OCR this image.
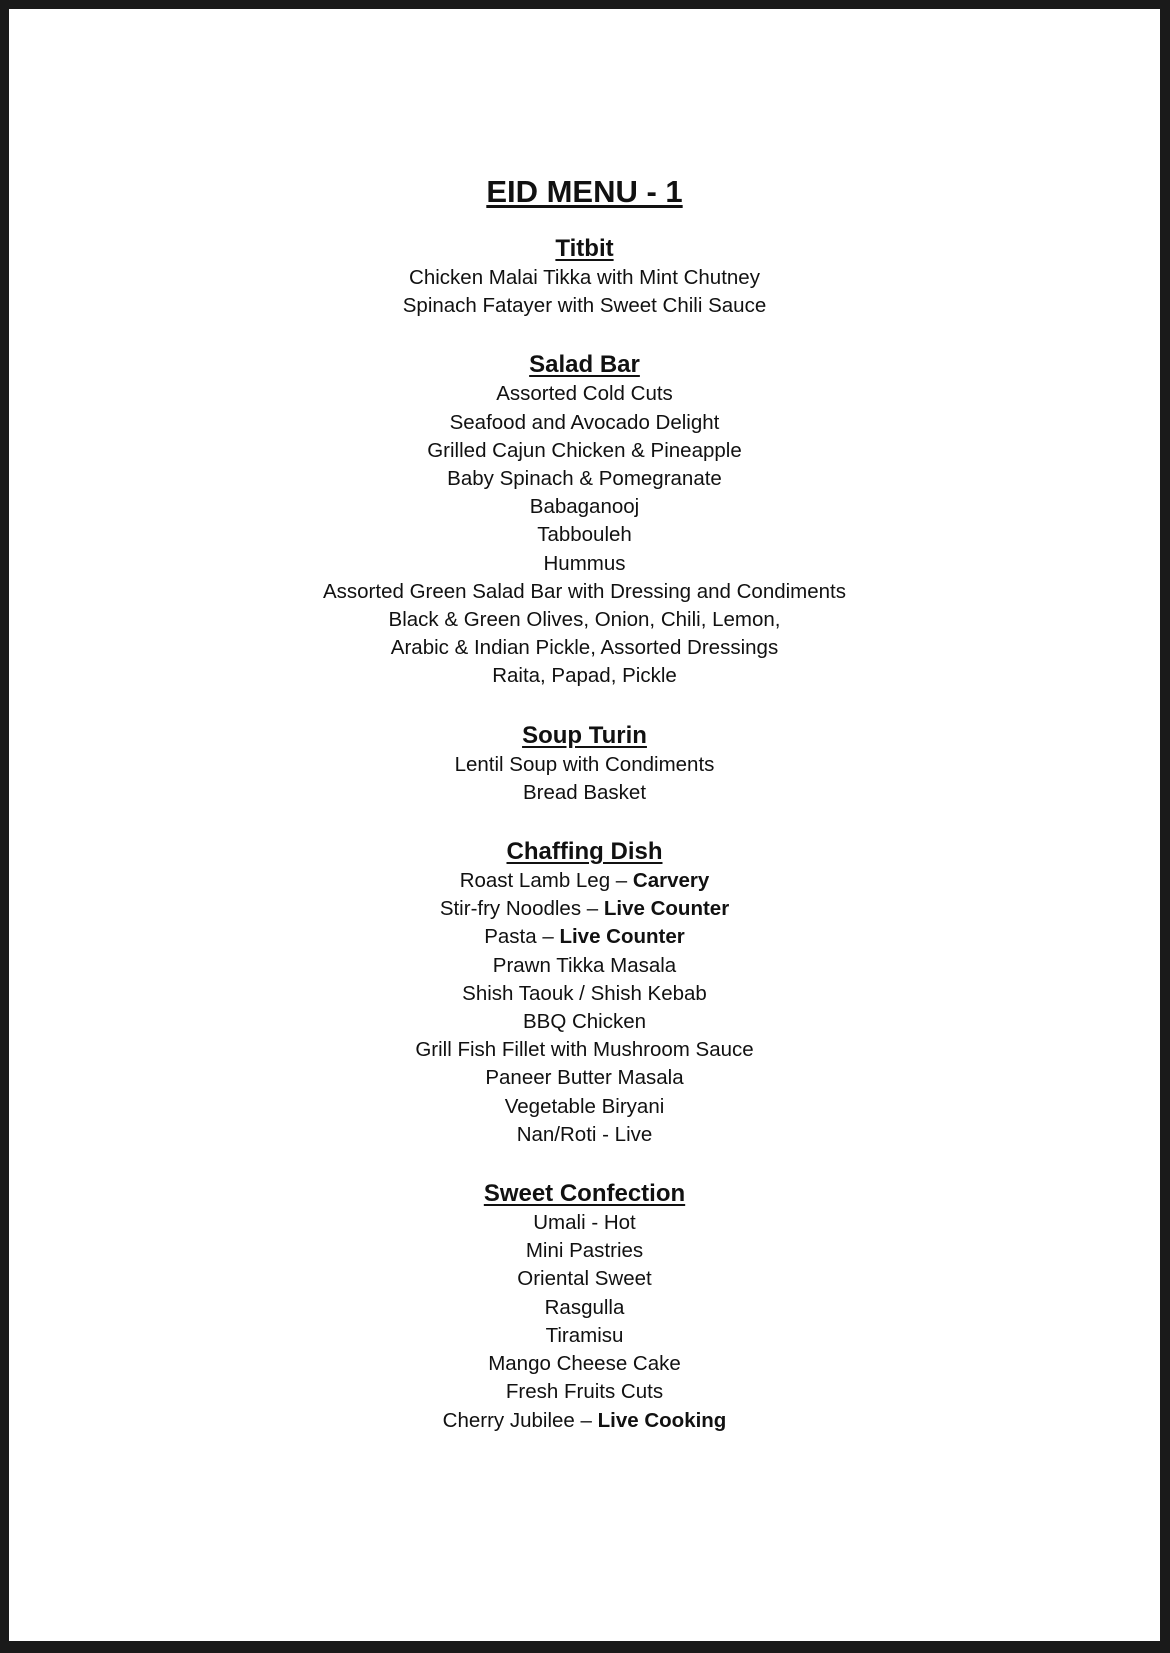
EID MENU - 1
Titbit
Chicken Malai Tikka with Mint Chutney
Spinach Fatayer with Sweet Chili Sauce
Salad Bar
Assorted Cold Cuts
Seafood and Avocado Delight
Grilled Cajun Chicken & Pineapple
Baby Spinach & Pomegranate
Babaganooj
Tabbouleh
Hummus
Assorted Green Salad Bar with Dressing and Condiments
Black & Green Olives, Onion, Chili, Lemon,
Arabic & Indian Pickle, Assorted Dressings
Raita, Papad, Pickle
Soup Turin
Lentil Soup with Condiments
Bread Basket
Chaffing Dish
Roast Lamb Leg – Carvery
Stir-fry Noodles – Live Counter
Pasta – Live Counter
Prawn Tikka Masala
Shish Taouk / Shish Kebab
BBQ Chicken
Grill Fish Fillet with Mushroom Sauce
Paneer Butter Masala
Vegetable Biryani
Nan/Roti - Live
Sweet Confection
Umali - Hot
Mini Pastries
Oriental Sweet
Rasgulla
Tiramisu
Mango Cheese Cake
Fresh Fruits Cuts
Cherry Jubilee – Live Cooking
